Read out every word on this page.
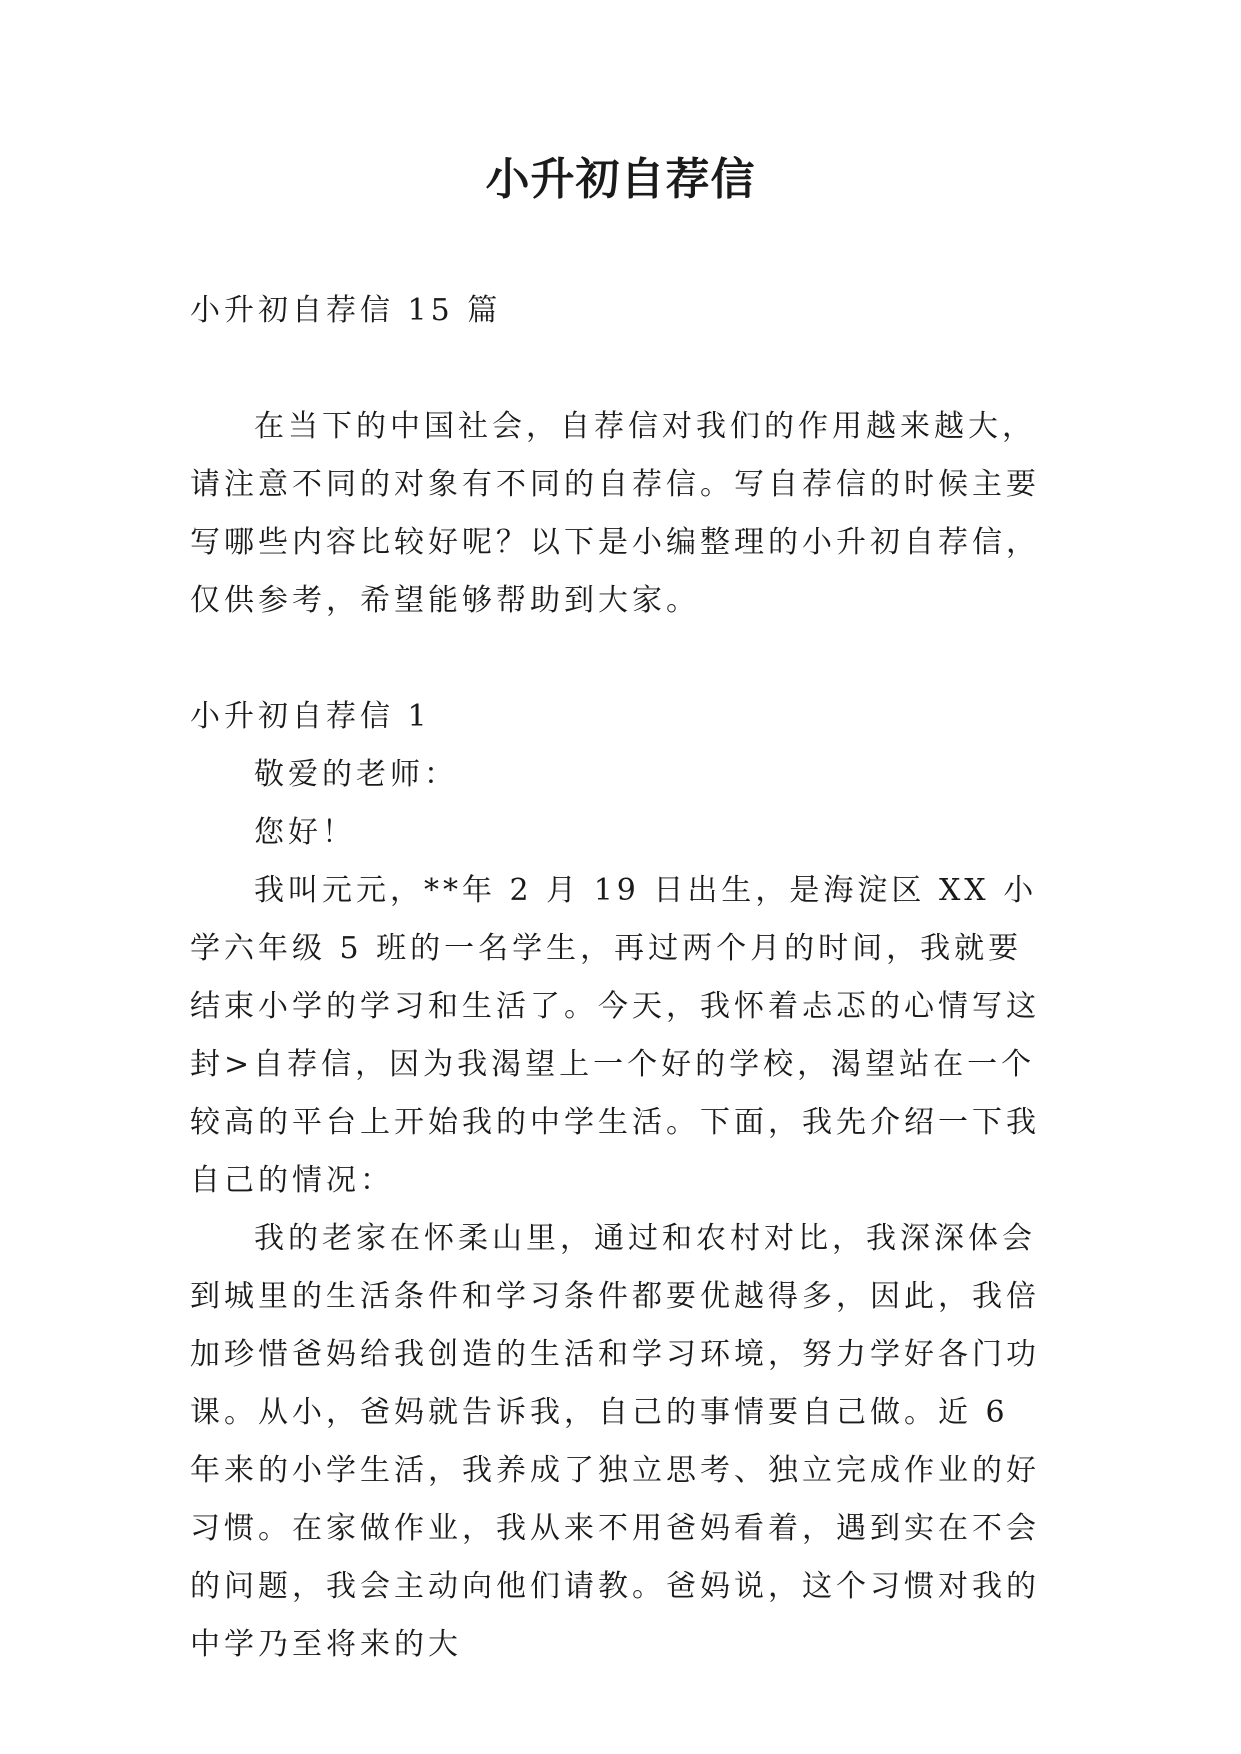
小升初自荐信

小升初自荐信 15 篇

在当下的中国社会，自荐信对我们的作用越来越大，请注意不同的对象有不同的自荐信。写自荐信的时候主要写哪些内容比较好呢？以下是小编整理的小升初自荐信，仅供参考，希望能够帮助到大家。

小升初自荐信 1

敬爱的老师：

您好！

我叫元元，**年 2 月 19 日出生，是海淀区 XX 小学六年级 5 班的一名学生，再过两个月的时间，我就要结束小学的学习和生活了。今天，我怀着忐忑的心情写这封>自荐信，因为我渴望上一个好的学校，渴望站在一个较高的平台上开始我的中学生活。下面，我先介绍一下我自己的情况：

我的老家在怀柔山里，通过和农村对比，我深深体会到城里的生活条件和学习条件都要优越得多，因此，我倍加珍惜爸妈给我创造的生活和学习环境，努力学好各门功课。从小，爸妈就告诉我，自己的事情要自己做。近 6 年来的小学生活，我养成了独立思考、独立完成作业的好习惯。在家做作业，我从来不用爸妈看着，遇到实在不会的问题，我会主动向他们请教。爸妈说，这个习惯对我的中学乃至将来的大
